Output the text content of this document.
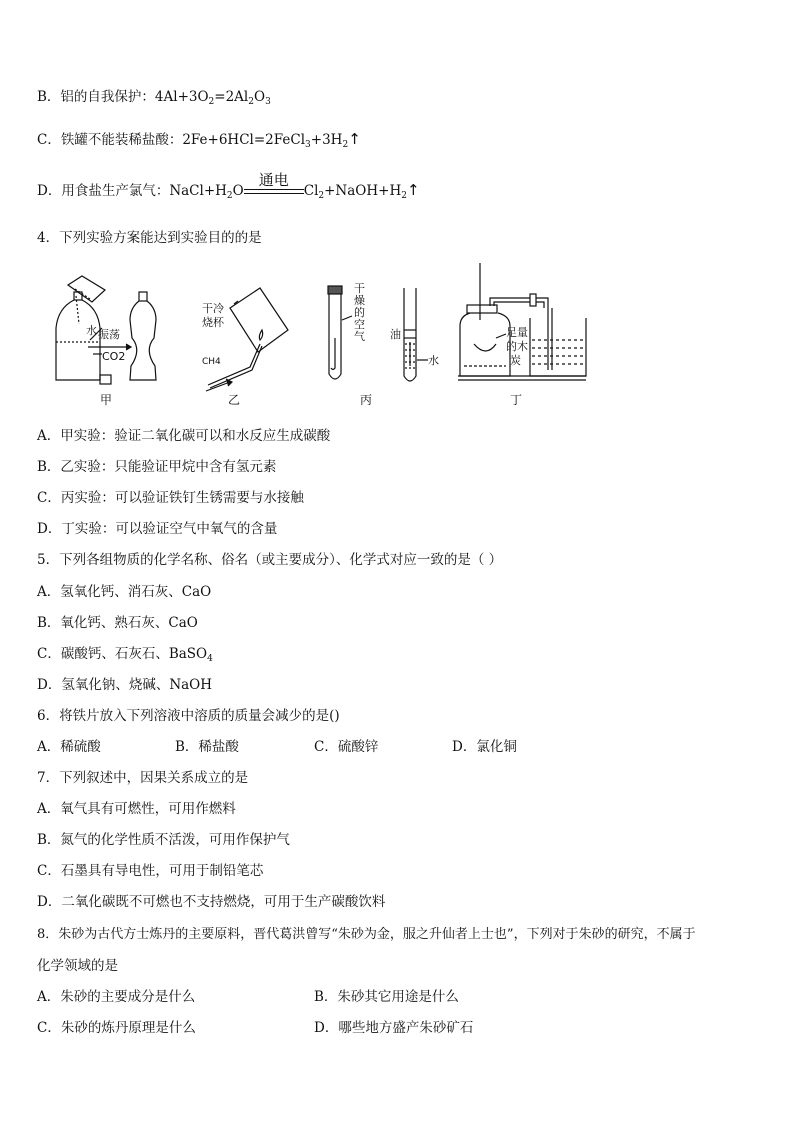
B．铝的自我保护：$4Al+3O_2=2Al_2O_3$
C．铁罐不能装稀盐酸：$2Fe+6HCl=2FeCl_3+3H_2↑$
D．用食盐生产氯气：$NaCl+H_2O$
通电
$Cl_2+NaOH+H_2↑$
4．下列实验方案能达到实验目的的是
水 振荡
CO2
甲
干冷
烧杯
CH4
乙
干
燥
的
空
气 油
水
丙
足量
的木
炭
丁
A．甲实验：验证二氧化碳可以和水反应生成碳酸
B．乙实验：只能验证甲烷中含有氢元素
C．丙实验：可以验证铁钉生锈需要与水接触
D．丁实验：可以验证空气中氧气的含量
5．下列各组物质的化学名称、俗名（或主要成分）、化学式对应一致的是（ ）
A．氢氧化钙、消石灰、CaO
B．氧化钙、熟石灰、CaO
C．碳酸钙、石灰石、BaSO$_4$
D．氢氧化钠、烧碱、NaOH
6．将铁片放入下列溶液中溶质的质量会减少的是()
A．稀硫酸	B．稀盐酸	C．硫酸锌	D．氯化铜
7．下列叙述中，因果关系成立的是
A．氧气具有可燃性，可用作燃料
B．氮气的化学性质不活泼，可用作保护气
C．石墨具有导电性，可用于制铅笔芯
D．二氧化碳既不可燃也不支持燃烧，可用于生产碳酸饮料
8．朱砂为古代方士炼丹的主要原料，晋代葛洪曾写“朱砂为金，服之升仙者上士也”，下列对于朱砂的研究，不属于
化学领域的是
A．朱砂的主要成分是什么	B．朱砂其它用途是什么
C．朱砂的炼丹原理是什么	D．哪些地方盛产朱砂矿石
